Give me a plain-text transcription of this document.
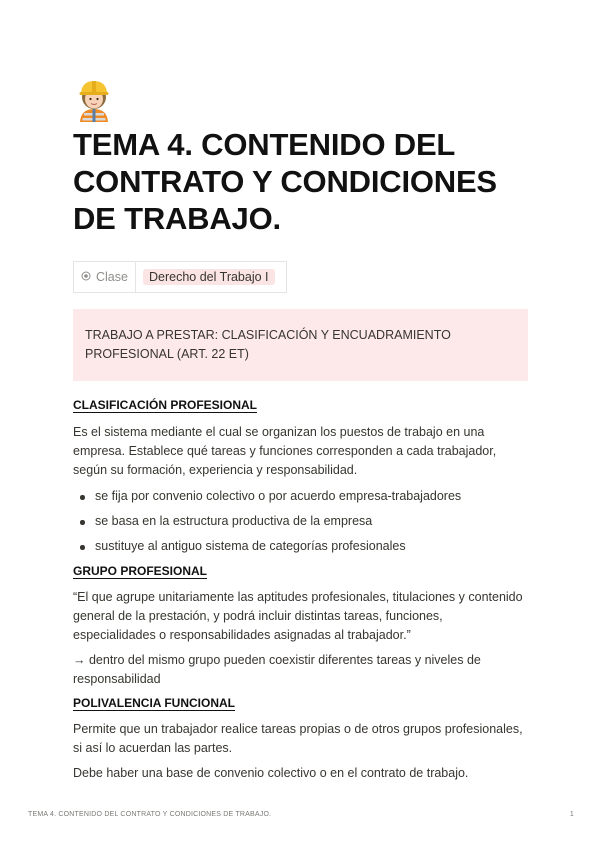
TEMA 4. CONTENIDO DEL CONTRATO Y CONDICIONES DE TRABAJO.
Clase	Derecho del Trabajo I
TRABAJO A PRESTAR: CLASIFICACIÓN Y ENCUADRAMIENTO PROFESIONAL (ART. 22 ET)
CLASIFICACIÓN PROFESIONAL

Es el sistema mediante el cual se organizan los puestos de trabajo en una empresa. Establece qué tareas y funciones corresponden a cada trabajador, según su formación, experiencia y responsabilidad.

se fija por convenio colectivo o por acuerdo empresa-trabajadores
se basa en la estructura productiva de la empresa
sustituye al antiguo sistema de categorías profesionales
GRUPO PROFESIONAL

“El que agrupe unitariamente las aptitudes profesionales, titulaciones y contenido general de la prestación, y podrá incluir distintas tareas, funciones, especialidades o responsabilidades asignadas al trabajador.”

→ dentro del mismo grupo pueden coexistir diferentes tareas y niveles de responsabilidad

POLIVALENCIA FUNCIONAL

Permite que un trabajador realice tareas propias o de otros grupos profesionales, si así lo acuerdan las partes.

Debe haber una base de convenio colectivo o en el contrato de trabajo.

TEMA 4. CONTENIDO DEL CONTRATO Y CONDICIONES DE TRABAJO.	1
